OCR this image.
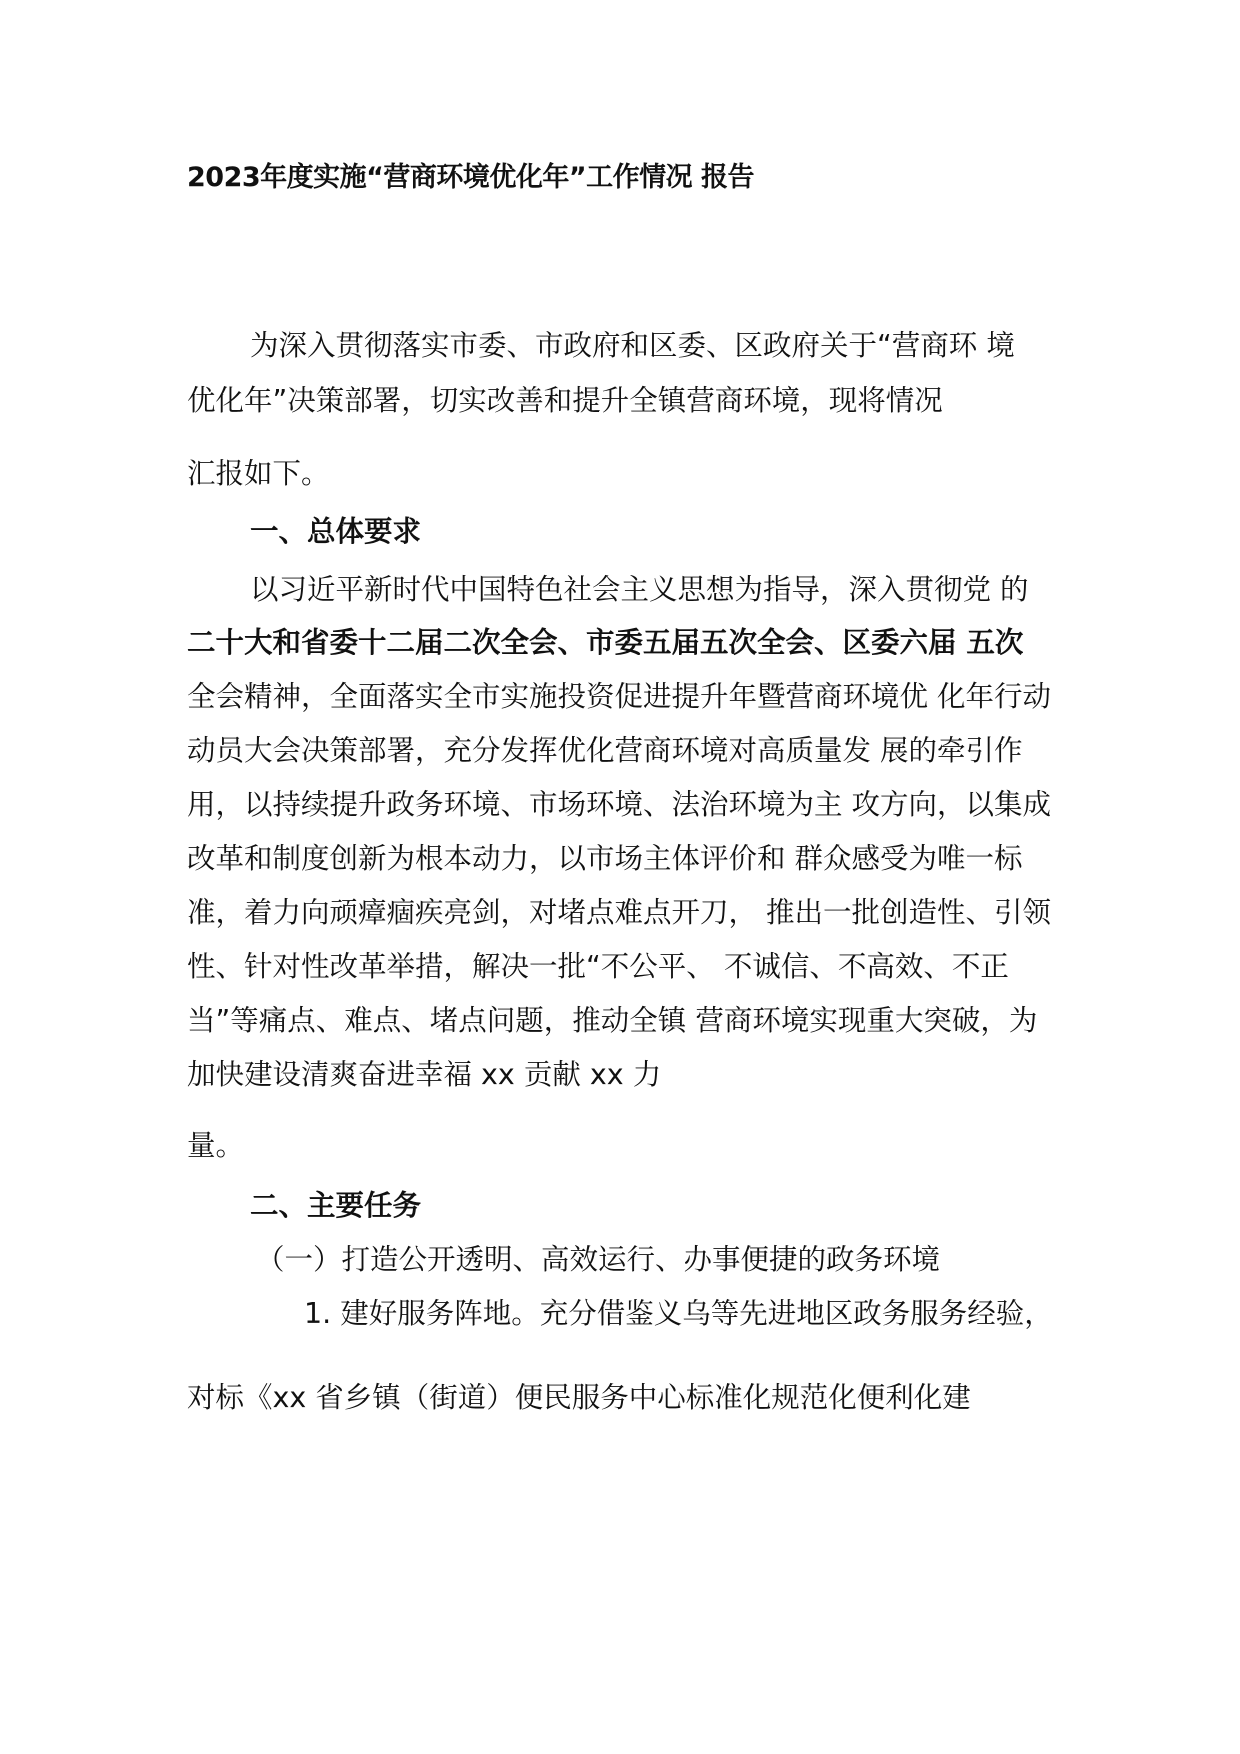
2023年度实施“营商环境优化年”工作情况 报告
为深入贯彻落实市委、市政府和区委、区政府关于“营商环 境
优化年”决策部署，切实改善和提升全镇营商环境，现将情况
汇报如下。
一、总体要求
以习近平新时代中国特色社会主义思想为指导，深入贯彻党 的
二十大和省委十二届二次全会、市委五届五次全会、区委六届 五次
全会精神，全面落实全市实施投资促进提升年暨营商环境优 化年行动
动员大会决策部署，充分发挥优化营商环境对高质量发 展的牵引作
用，以持续提升政务环境、市场环境、法治环境为主 攻方向，以集成
改革和制度创新为根本动力，以市场主体评价和 群众感受为唯一标
准，着力向顽瘴痼疾亮剑，对堵点难点开刀， 推出一批创造性、引领
性、针对性改革举措，解决一批“不公平、 不诚信、不高效、不正
当”等痛点、难点、堵点问题，推动全镇 营商环境实现重大突破，为
加快建设清爽奋进幸福 xx 贡献 xx 力
量。
二、主要任务
（一）打造公开透明、高效运行、办事便捷的政务环境
1. 建好服务阵地。充分借鉴义乌等先进地区政务服务经验，
对标《xx 省乡镇（街道）便民服务中心标准化规范化便利化建
